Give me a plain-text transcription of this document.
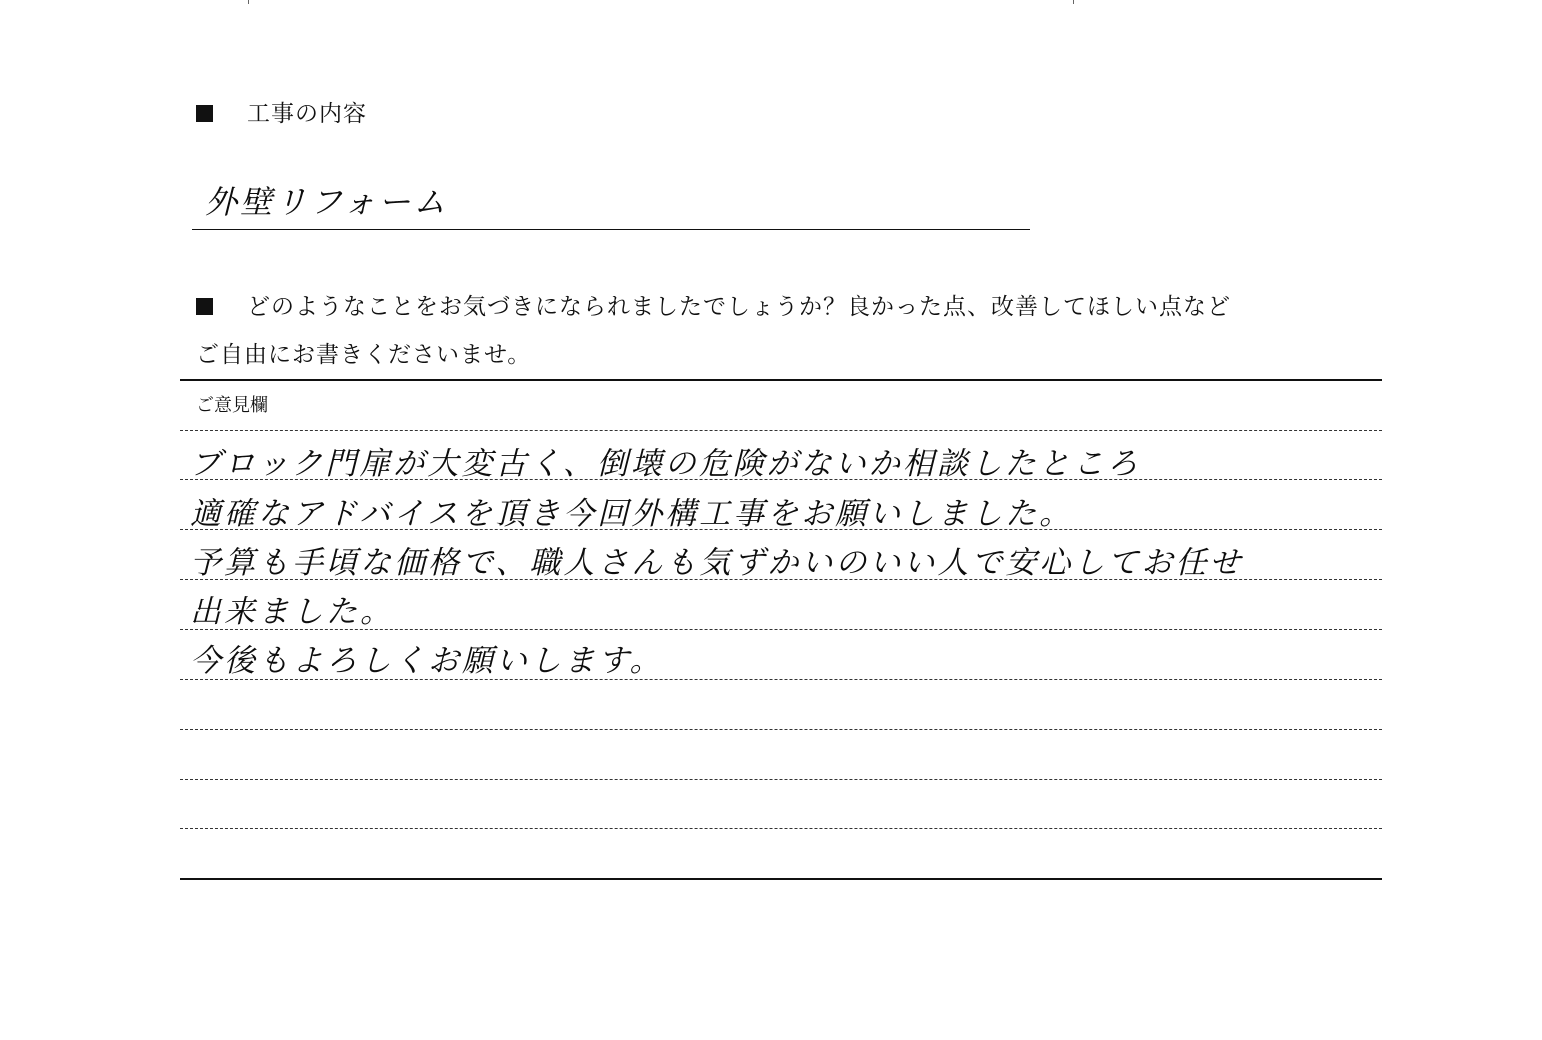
工事の内容
外壁リフォーム
どのようなことをお気づきになられましたでしょうか？良かった点、改善してほしい点など
ご自由にお書きくださいませ。
ご意見欄
ブロック門扉が大変古く、倒壊の危険がないか相談したところ
適確なアドバイスを頂き今回外構工事をお願いしました。
予算も手頃な価格で、職人さんも気ずかいのいい人で安心してお任せ
出来ました。
今後もよろしくお願いします。
